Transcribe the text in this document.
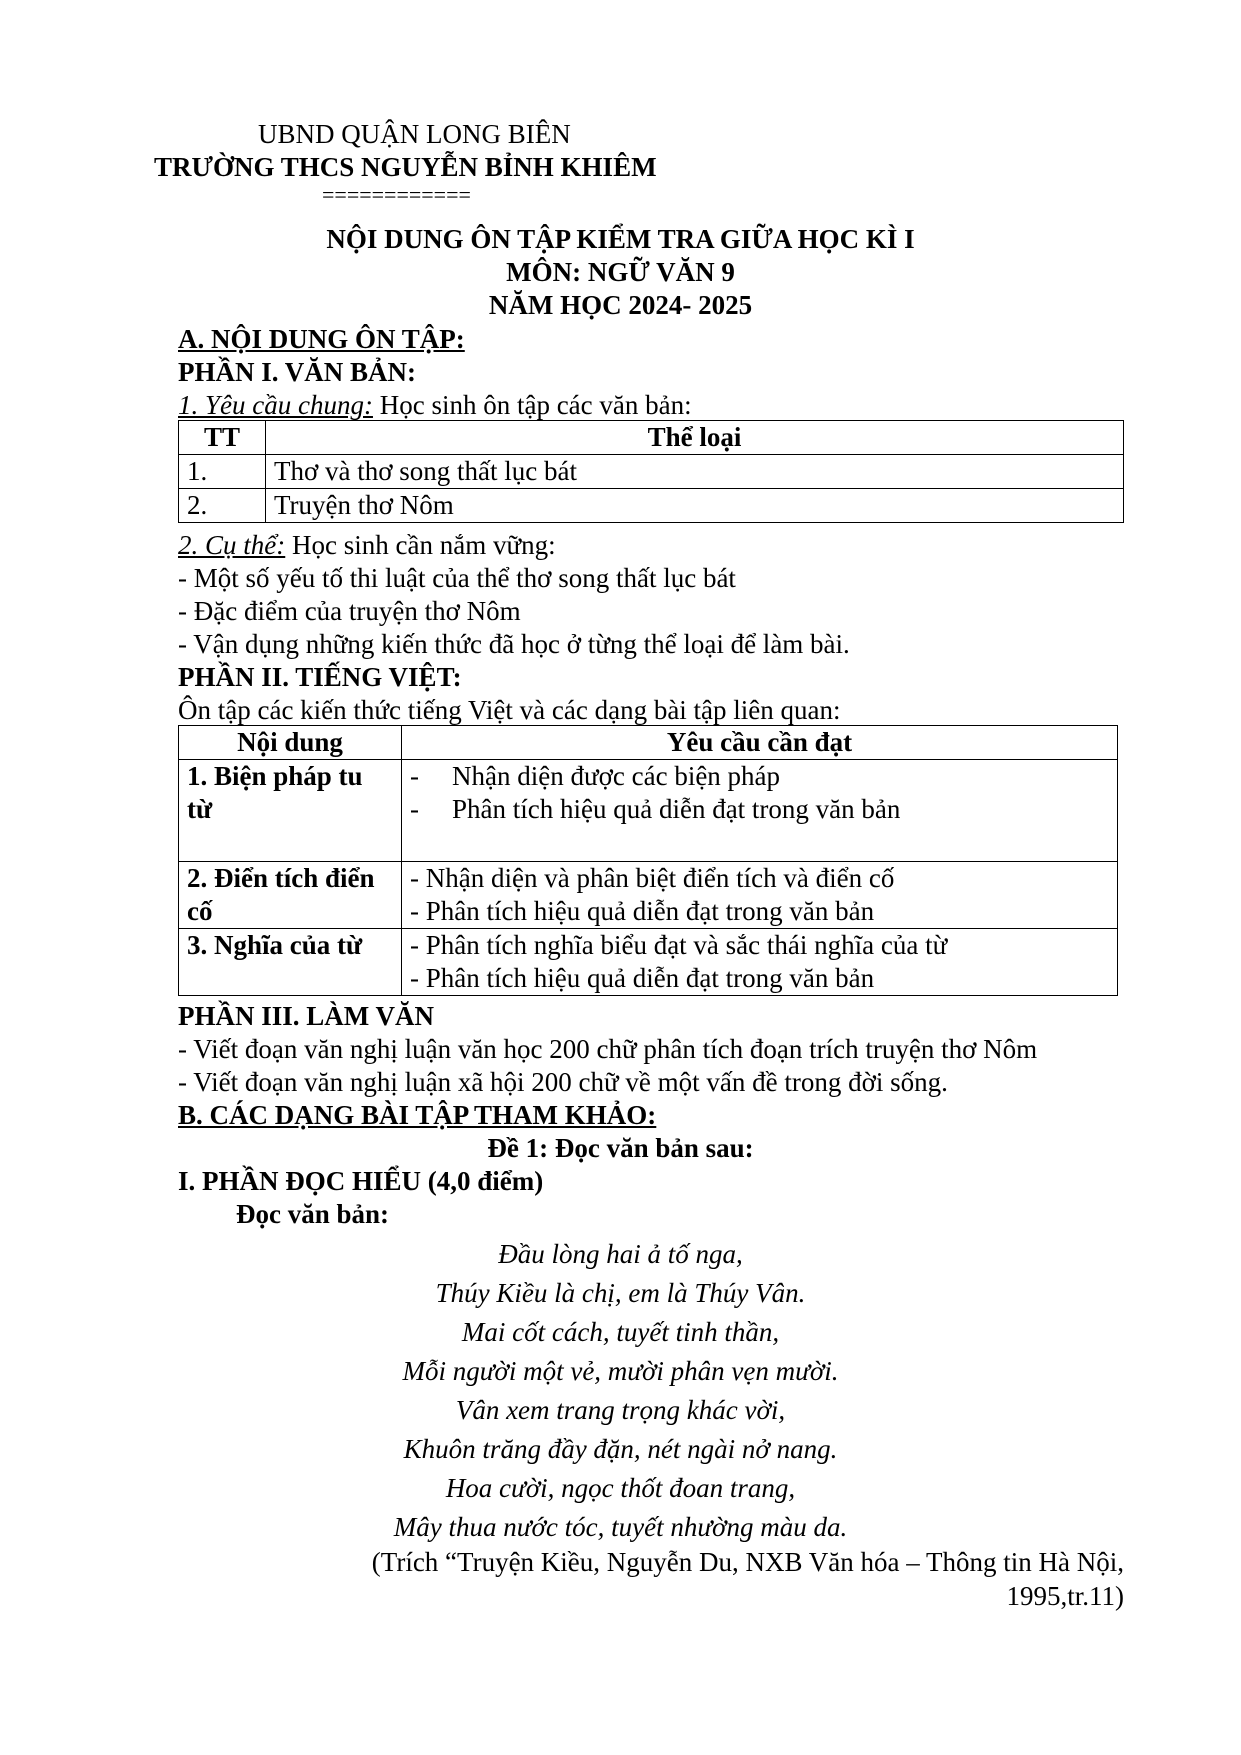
UBND QUẬN LONG BIÊN
TRƯỜNG THCS NGUYỄN BỈNH KHIÊM
============
NỘI DUNG ÔN TẬP KIỂM TRA GIỮA HỌC KÌ I
MÔN: NGỮ VĂN 9
NĂM HỌC 2024- 2025
A. NỘI DUNG ÔN TẬP:
PHẦN I. VĂN BẢN:
1. Yêu cầu chung: Học sinh ôn tập các văn bản:
TT	Thể loại
1.	Thơ và thơ song thất lục bát
2.	Truyện thơ Nôm
2. Cụ thể: Học sinh cần nắm vững:
- Một số yếu tố thi luật của thể thơ song thất lục bát
- Đặc điểm của truyện thơ Nôm
- Vận dụng những kiến thức đã học ở từng thể loại để làm bài.
PHẦN II. TIẾNG VIỆT:
Ôn tập các kiến thức tiếng Việt và các dạng bài tập liên quan:
Nội dung	Yêu cầu cần đạt
1. Biện pháp tu từ	- Nhận diện được các biện pháp
- Phân tích hiệu quả diễn đạt trong văn bản

2. Điển tích điển cố	- Nhận diện và phân biệt điển tích và điển cố
- Phân tích hiệu quả diễn đạt trong văn bản

3. Nghĩa của từ	- Phân tích nghĩa biểu đạt và sắc thái nghĩa của từ
- Phân tích hiệu quả diễn đạt trong văn bản
PHẦN III. LÀM VĂN
- Viết đoạn văn nghị luận văn học 200 chữ phân tích đoạn trích truyện thơ Nôm
- Viết đoạn văn nghị luận xã hội 200 chữ về một vấn đề trong đời sống.
B. CÁC DẠNG BÀI TẬP THAM KHẢO:
Đề 1: Đọc văn bản sau:
I. PHẦN ĐỌC HIỂU (4,0 điểm)
Đọc văn bản:
Đầu lòng hai ả tố nga,
Thúy Kiều là chị, em là Thúy Vân.
Mai cốt cách, tuyết tinh thần,
Mỗi người một vẻ, mười phân vẹn mười.
Vân xem trang trọng khác vời,
Khuôn trăng đầy đặn, nét ngài nở nang.
Hoa cười, ngọc thốt đoan trang,
Mây thua nước tóc, tuyết nhường màu da.
(Trích “Truyện Kiều, Nguyễn Du, NXB Văn hóa – Thông tin Hà Nội,
1995,tr.11)
